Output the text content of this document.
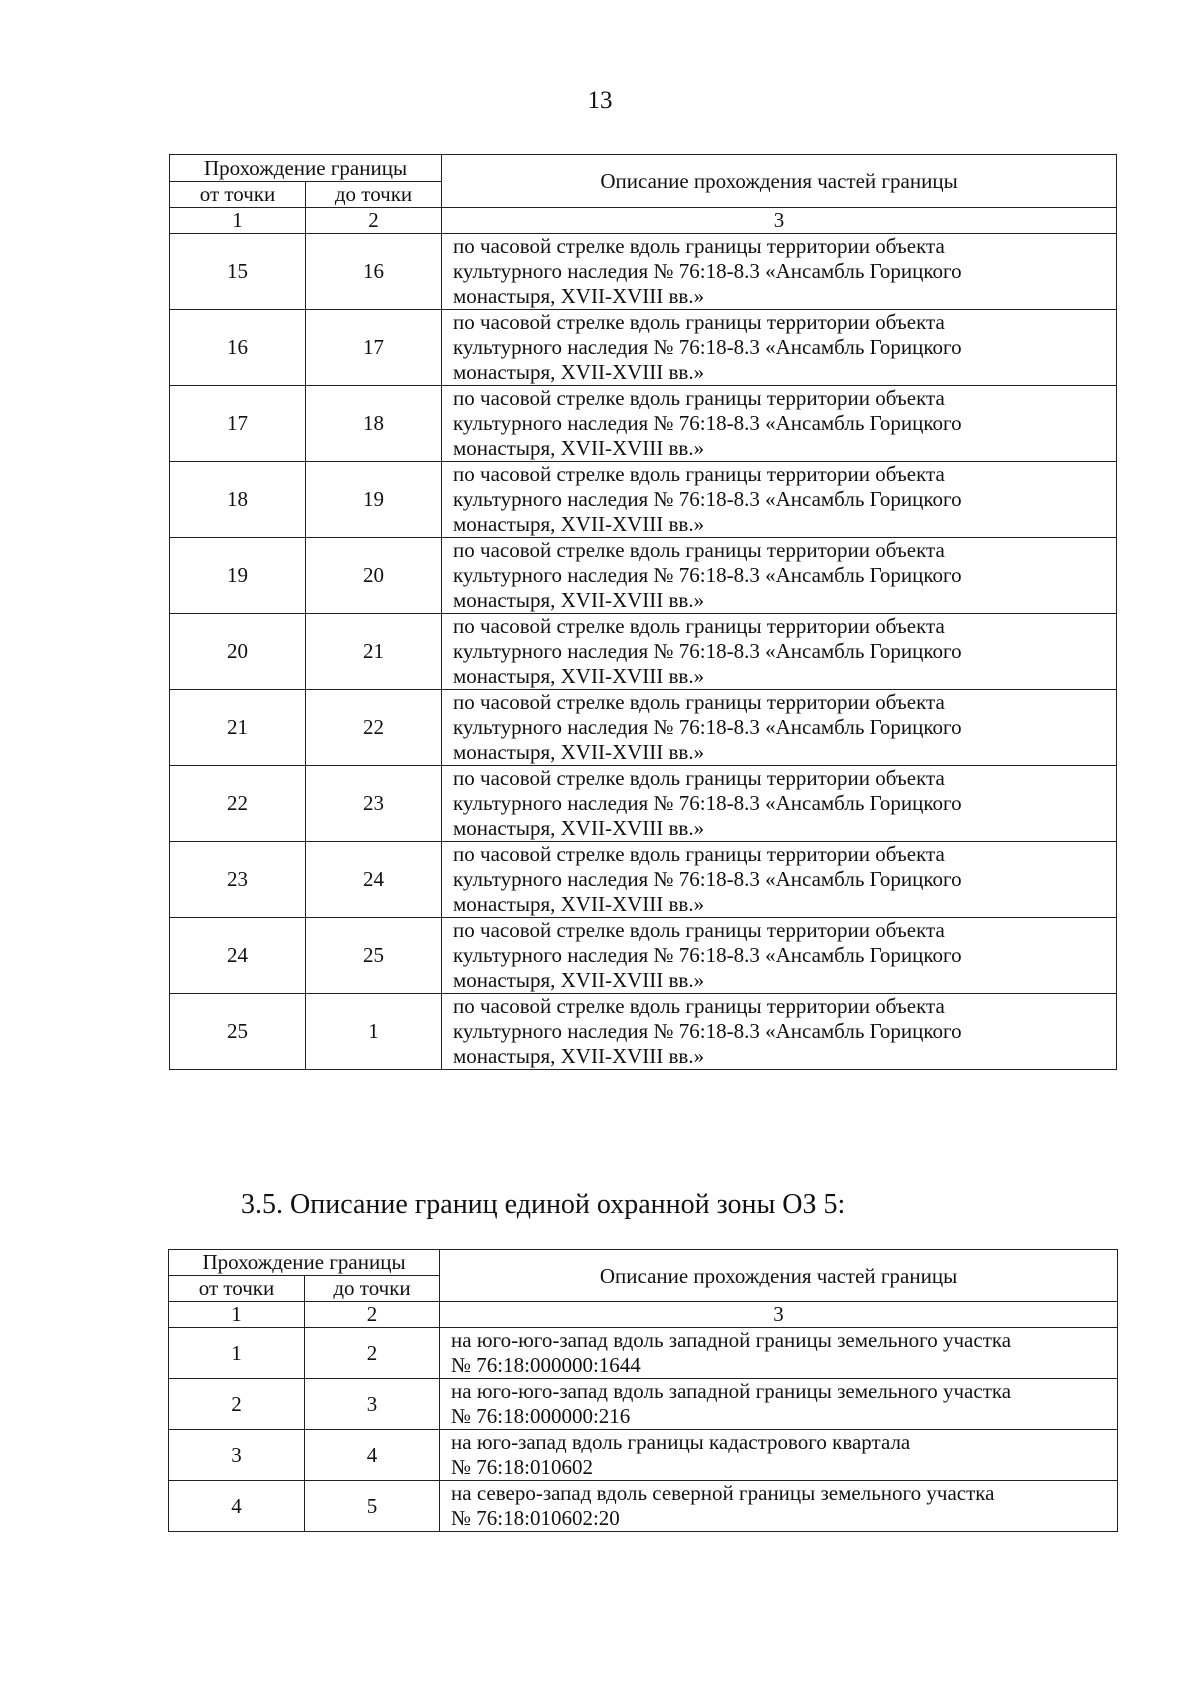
13
Прохождение границы		Описание прохождения частей границы
от точки	до точки	
1	2	3
15	16	по часовой стрелке вдоль границы территории объекта
культурного наследия № 76:18-8.3 «Ансамбль Горицкого
монастыря, XVII-XVIII вв.»

16	17	по часовой стрелке вдоль границы территории объекта
культурного наследия № 76:18-8.3 «Ансамбль Горицкого
монастыря, XVII-XVIII вв.»

17	18	по часовой стрелке вдоль границы территории объекта
культурного наследия № 76:18-8.3 «Ансамбль Горицкого
монастыря, XVII-XVIII вв.»

18	19	по часовой стрелке вдоль границы территории объекта
культурного наследия № 76:18-8.3 «Ансамбль Горицкого
монастыря, XVII-XVIII вв.»

19	20	по часовой стрелке вдоль границы территории объекта
культурного наследия № 76:18-8.3 «Ансамбль Горицкого
монастыря, XVII-XVIII вв.»

20	21	по часовой стрелке вдоль границы территории объекта
культурного наследия № 76:18-8.3 «Ансамбль Горицкого
монастыря, XVII-XVIII вв.»

21	22	по часовой стрелке вдоль границы территории объекта
культурного наследия № 76:18-8.3 «Ансамбль Горицкого
монастыря, XVII-XVIII вв.»

22	23	по часовой стрелке вдоль границы территории объекта
культурного наследия № 76:18-8.3 «Ансамбль Горицкого
монастыря, XVII-XVIII вв.»

23	24	по часовой стрелке вдоль границы территории объекта
культурного наследия № 76:18-8.3 «Ансамбль Горицкого
монастыря, XVII-XVIII вв.»

24	25	по часовой стрелке вдоль границы территории объекта
культурного наследия № 76:18-8.3 «Ансамбль Горицкого
монастыря, XVII-XVIII вв.»

25	1	по часовой стрелке вдоль границы территории объекта
культурного наследия № 76:18-8.3 «Ансамбль Горицкого
монастыря, XVII-XVIII вв.»
3.5. Описание границ единой охранной зоны ОЗ 5:
Прохождение границы		Описание прохождения частей границы
от точки	до точки	
1	2	3
1	2	на юго-юго-запад вдоль западной границы земельного участка
№ 76:18:000000:1644

2	3	на юго-юго-запад вдоль западной границы земельного участка
№ 76:18:000000:216

3	4	на юго-запад вдоль границы кадастрового квартала
№ 76:18:010602

4	5	на северо-запад вдоль северной границы земельного участка
№ 76:18:010602:20
